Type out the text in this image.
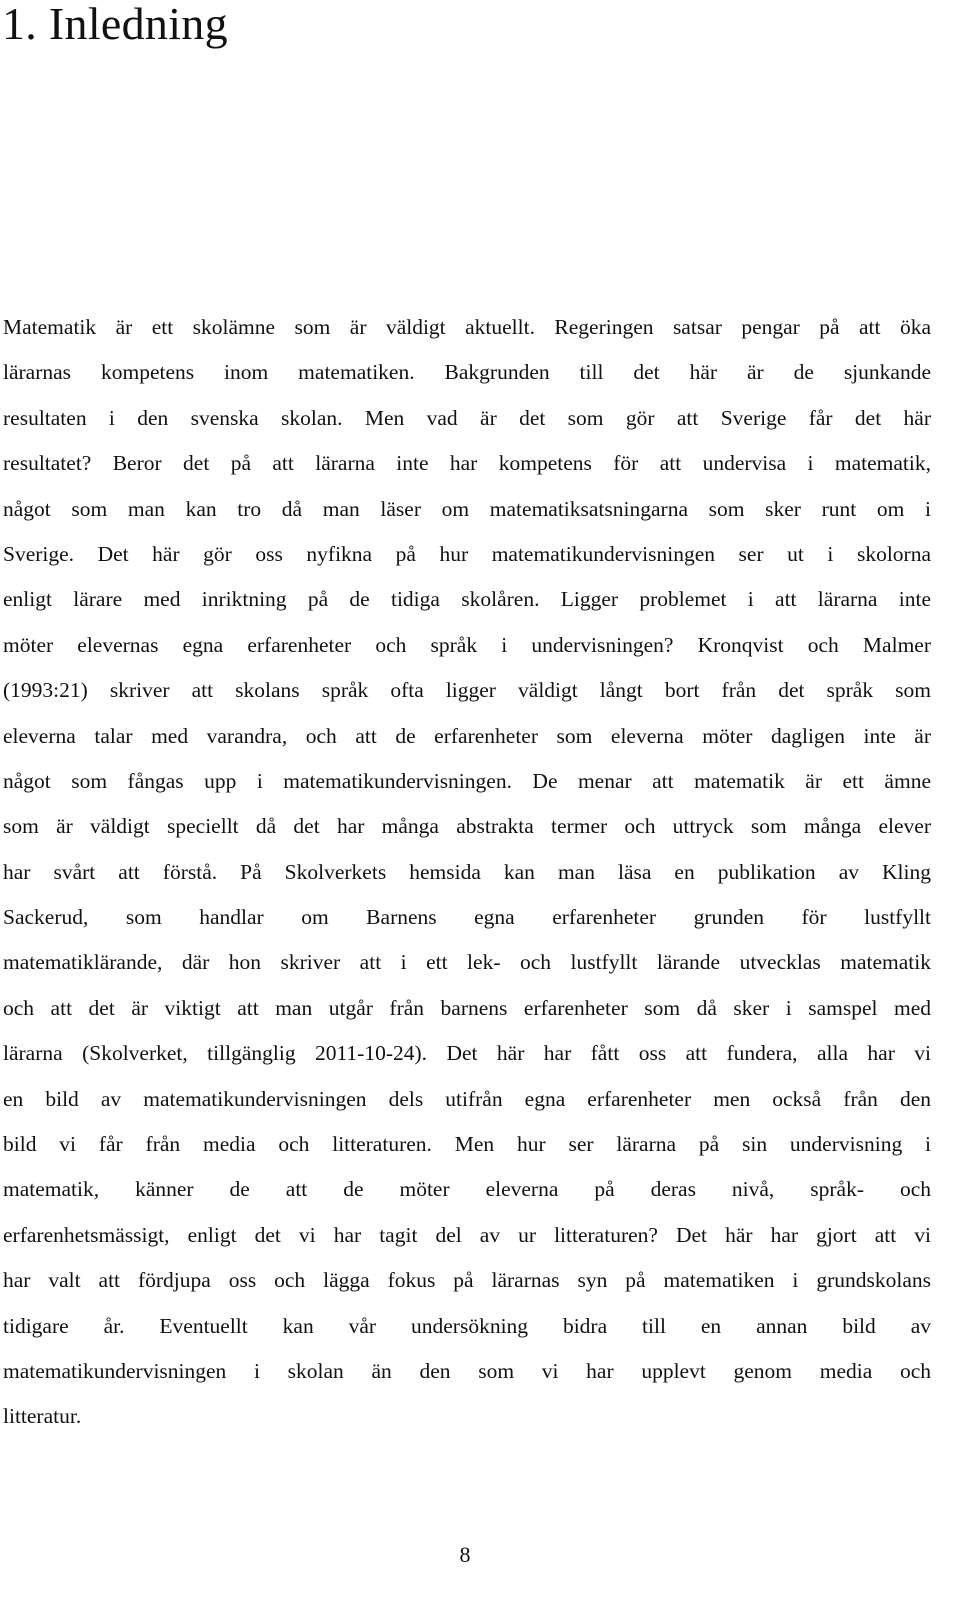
1. Inledning
Matematik är ett skolämne som är väldigt aktuellt. Regeringen satsar pengar på att öka
lärarnas kompetens inom matematiken. Bakgrunden till det här är de sjunkande
resultaten i den svenska skolan. Men vad är det som gör att Sverige får det här
resultatet? Beror det på att lärarna inte har kompetens för att undervisa i matematik,
något som man kan tro då man läser om matematiksatsningarna som sker runt om i
Sverige. Det här gör oss nyfikna på hur matematikundervisningen ser ut i skolorna
enligt lärare med inriktning på de tidiga skolåren. Ligger problemet i att lärarna inte
möter elevernas egna erfarenheter och språk i undervisningen? Kronqvist och Malmer
(1993:21) skriver att skolans språk ofta ligger väldigt långt bort från det språk som
eleverna talar med varandra, och att de erfarenheter som eleverna möter dagligen inte är
något som fångas upp i matematikundervisningen. De menar att matematik är ett ämne
som är väldigt speciellt då det har många abstrakta termer och uttryck som många elever
har svårt att förstå. På Skolverkets hemsida kan man läsa en publikation av Kling
Sackerud, som handlar om Barnens egna erfarenheter grunden för lustfyllt
matematiklärande, där hon skriver att i ett lek- och lustfyllt lärande utvecklas matematik
och att det är viktigt att man utgår från barnens erfarenheter som då sker i samspel med
lärarna (Skolverket, tillgänglig 2011-10-24). Det här har fått oss att fundera, alla har vi
en bild av matematikundervisningen dels utifrån egna erfarenheter men också från den
bild vi får från media och litteraturen. Men hur ser lärarna på sin undervisning i
matematik, känner de att de möter eleverna på deras nivå, språk- och
erfarenhetsmässigt, enligt det vi har tagit del av ur litteraturen? Det här har gjort att vi
har valt att fördjupa oss och lägga fokus på lärarnas syn på matematiken i grundskolans
tidigare år. Eventuellt kan vår undersökning bidra till en annan bild av
matematikundervisningen i skolan än den som vi har upplevt genom media och
litteratur.
8
